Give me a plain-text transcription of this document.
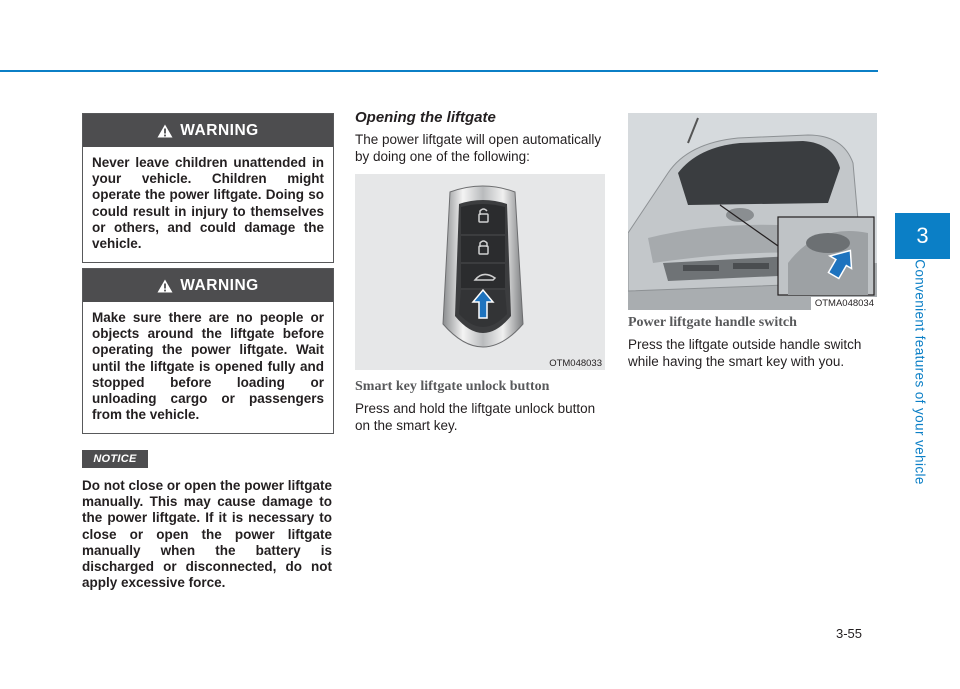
3
Convenient features of your vehicle
WARNING

Never leave children unattended in your vehicle. Children might operate the power liftgate. Doing so could result in injury to themselves or others, and could damage the vehicle.

WARNING

Make sure there are no people or objects around the liftgate before operating the power liftgate. Wait until the liftgate is opened fully and stopped before loading or unloading cargo or passengers from the vehicle.

NOTICE

Do not close or open the power liftgate manually. This may cause damage to the power liftgate. If it is necessary to close or open the power liftgate manually when the battery is discharged or disconnected, do not apply excessive force.

Opening the liftgate

The power liftgate will open automatically by doing one of the following:

OTM048033

Smart key liftgate unlock button

Press and hold the liftgate unlock button on the smart key.

OTMA048034

Power liftgate handle switch

Press the liftgate outside handle switch while having the smart key with you.

3-55
